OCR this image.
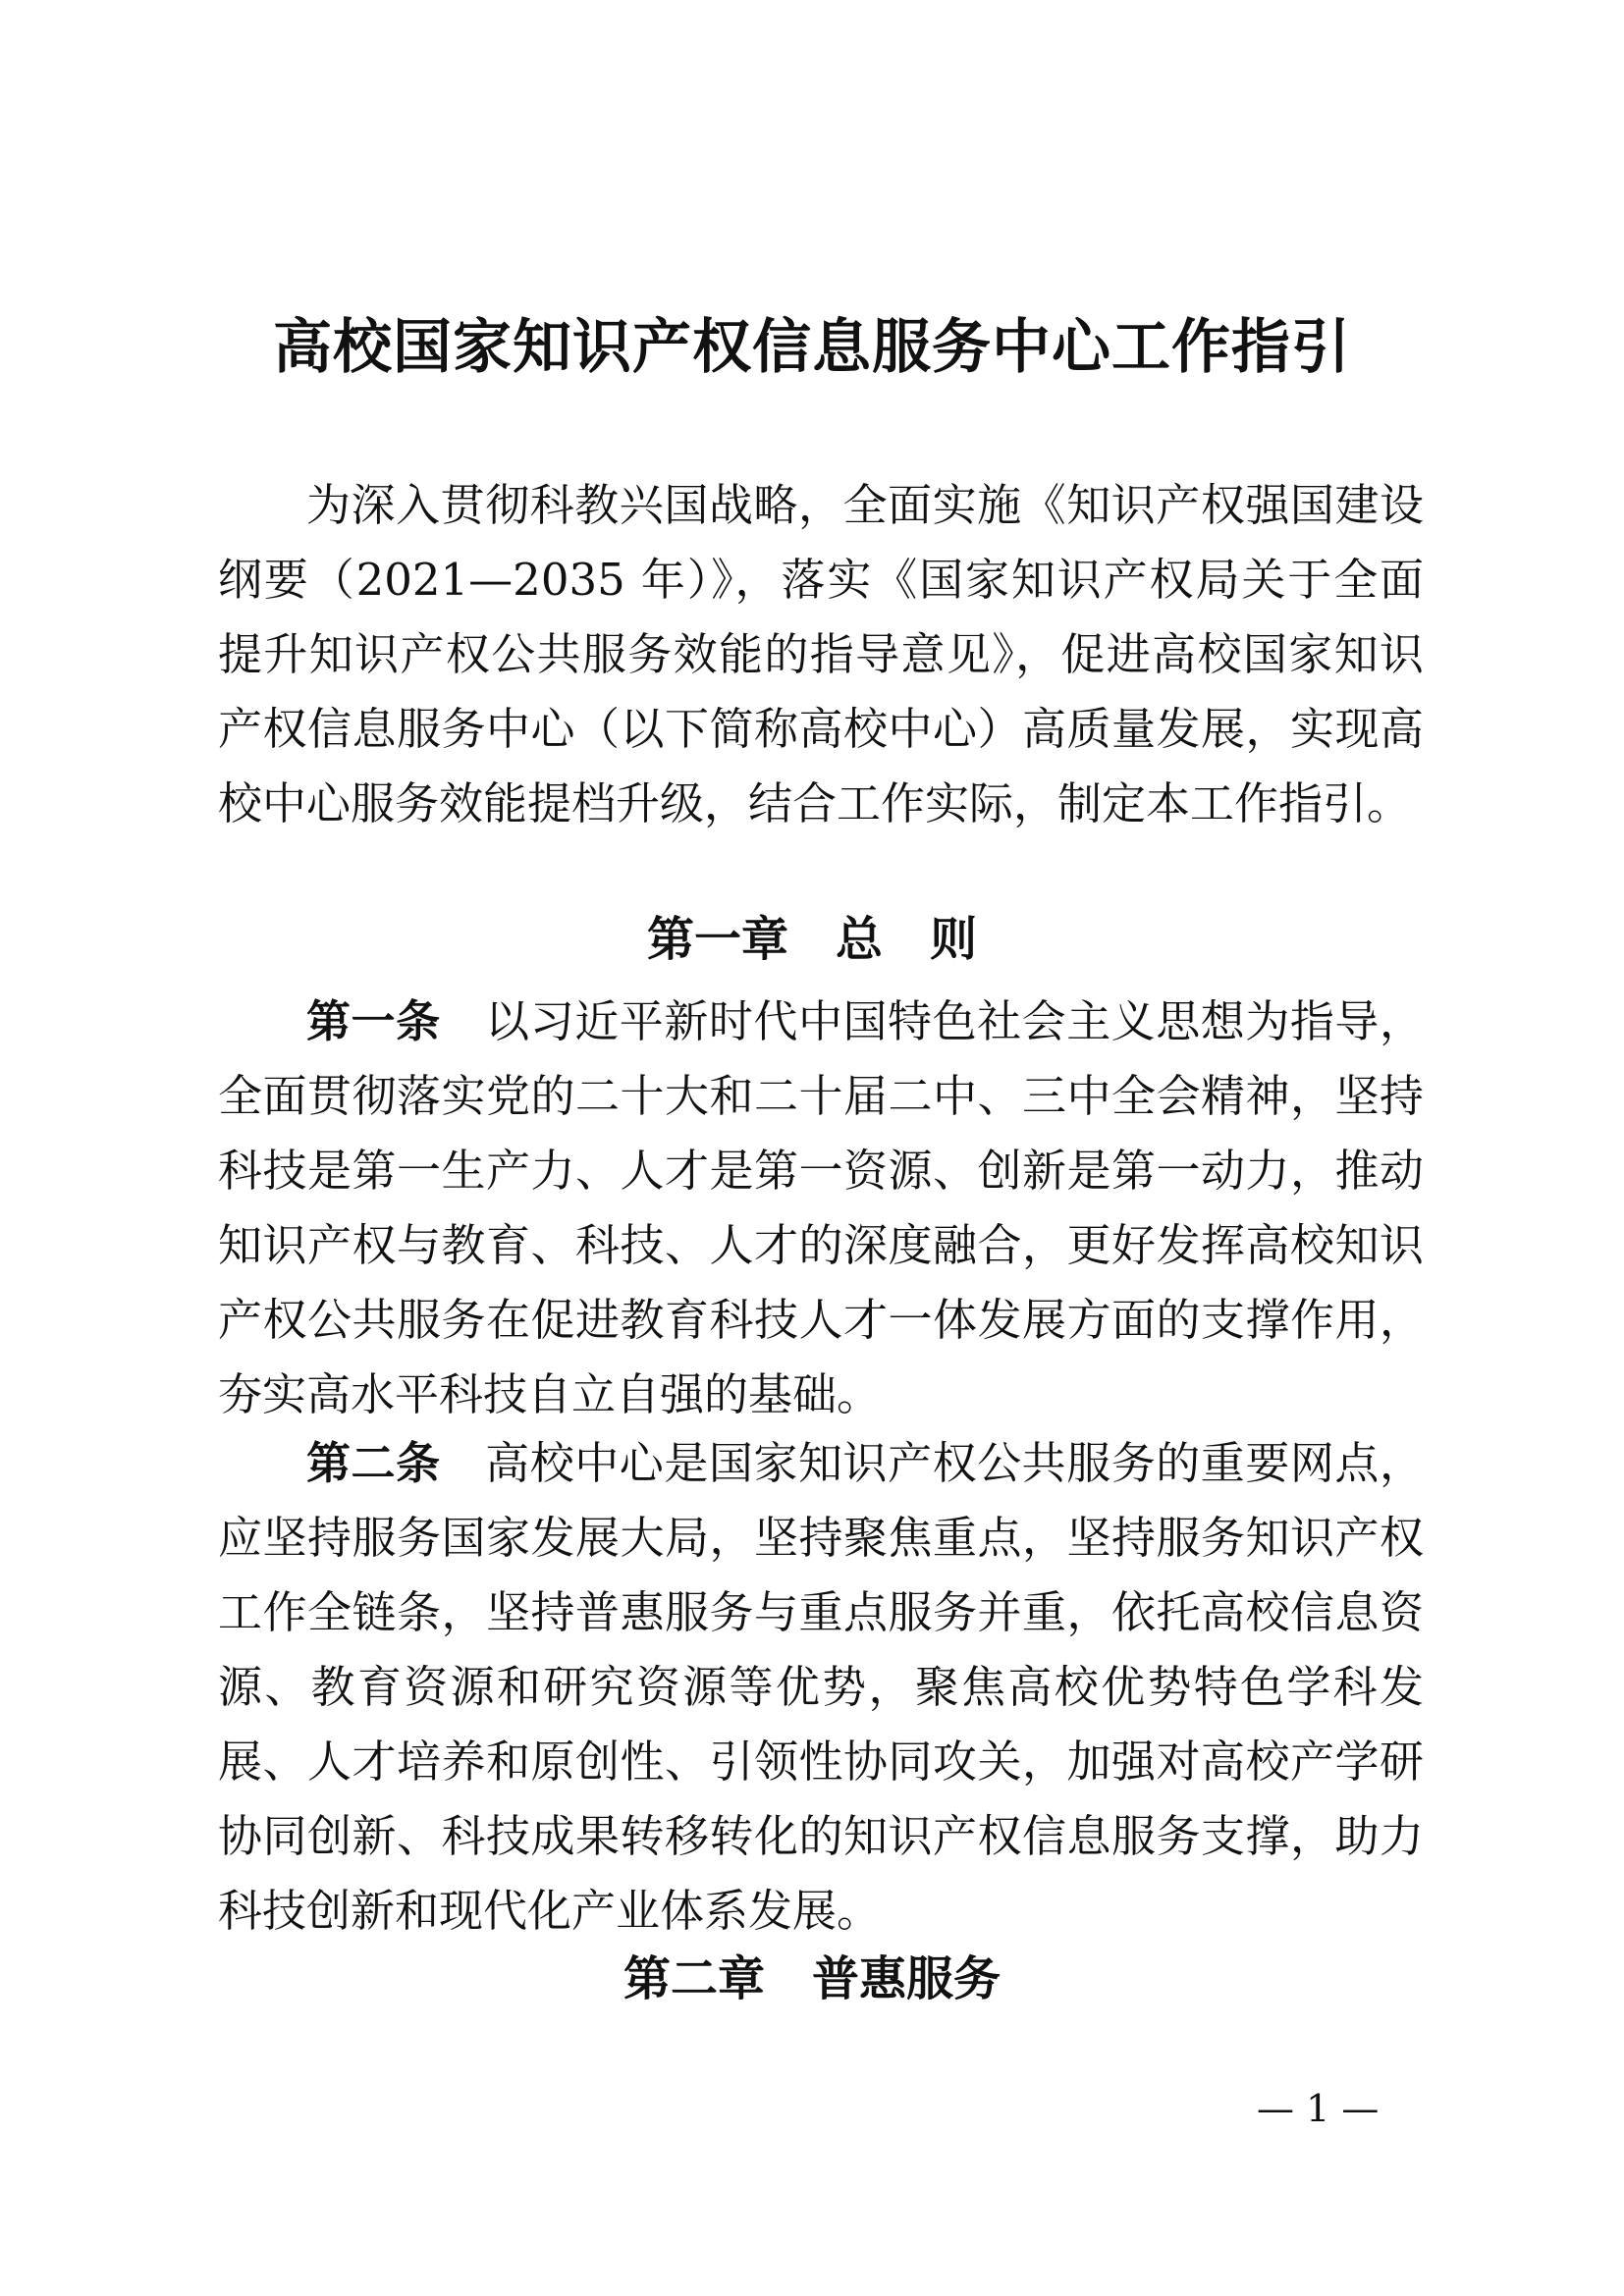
高校国家知识产权信息服务中心工作指引

为深入贯彻科教兴国战略，全面实施《知识产权强国建设纲要（2021—2035 年）》，落实《国家知识产权局关于全面提升知识产权公共服务效能的指导意见》，促进高校国家知识产权信息服务中心（以下简称高校中心）高质量发展，实现高校中心服务效能提档升级，结合工作实际，制定本工作指引。

第一章　总　则

第一条　 以习近平新时代中国特色社会主义思想为指导，全面贯彻落实党的二十大和二十届二中、三中全会精神，坚持科技是第一生产力、人才是第一资源、创新是第一动力，推动知识产权与教育、科技、人才的深度融合，更好发挥高校知识产权公共服务在促进教育科技人才一体发展方面的支撑作用，夯实高水平科技自立自强的基础。

第二条　 高校中心是国家知识产权公共服务的重要网点，应坚持服务国家发展大局，坚持聚焦重点，坚持服务知识产权工作全链条，坚持普惠服务与重点服务并重，依托高校信息资源、教育资源和研究资源等优势，聚焦高校优势特色学科发展、人才培养和原创性、引领性协同攻关，加强对高校产学研协同创新、科技成果转移转化的知识产权信息服务支撑，助力科技创新和现代化产业体系发展。

第二章　普惠服务
— 1 —
